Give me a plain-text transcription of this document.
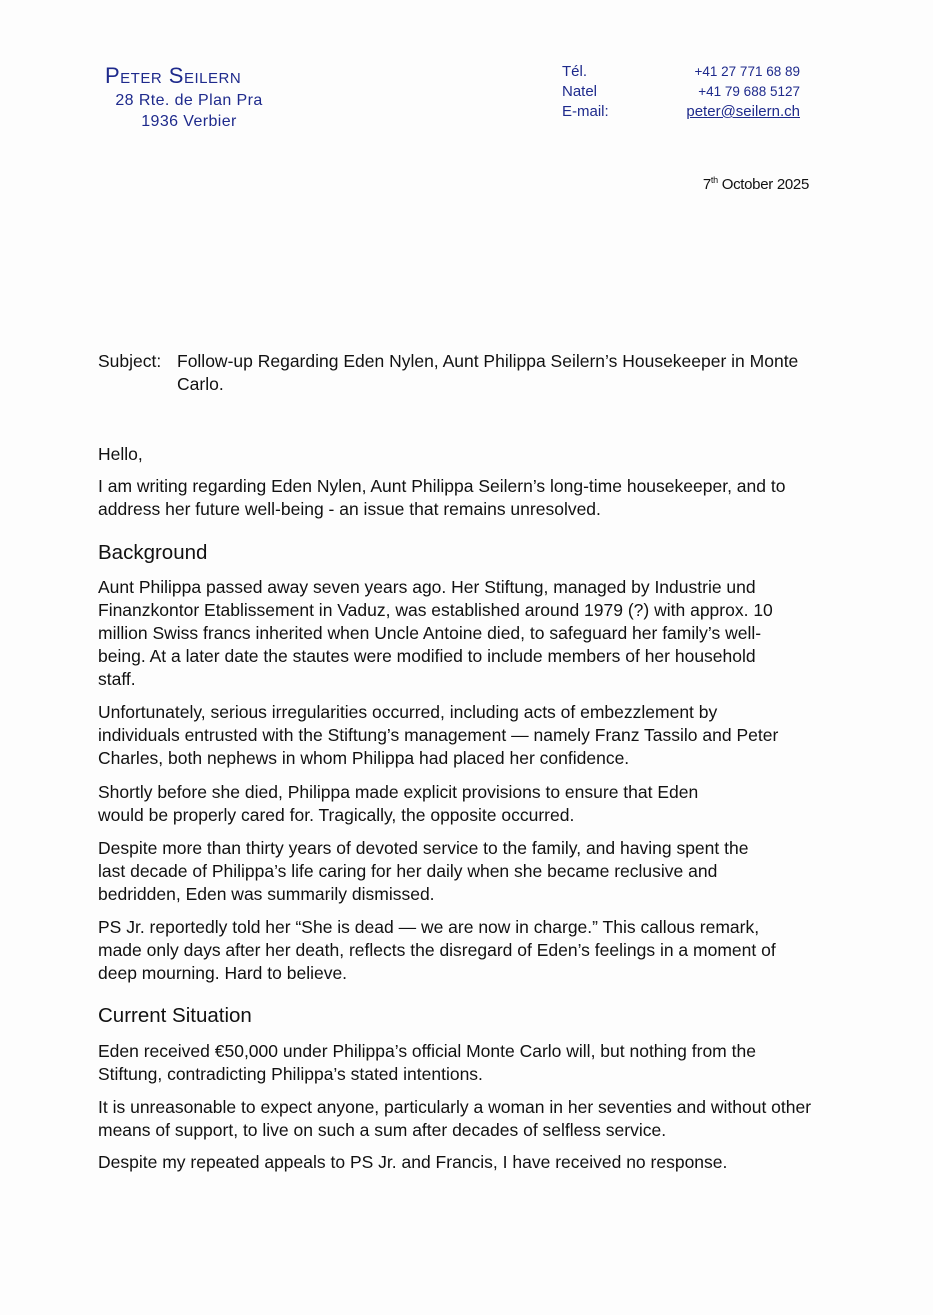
Peter Seilern
28 Rte. de Plan Pra
1936 Verbier
Tél.	+41 27 771 68 89
Natel	+41 79 688 5127
E-mail:	peter@seilern.ch
7th October 2025
Subject: Follow-up Regarding Eden Nylen, Aunt Philippa Seilern’s Housekeeper in Monte Carlo.

Hello,

I am writing regarding Eden Nylen, Aunt Philippa Seilern’s long-time housekeeper, and to address her future well-being - an issue that remains unresolved.

Background

Aunt Philippa passed away seven years ago. Her Stiftung, managed by Industrie und Finanzkontor Etablissement in Vaduz, was established around 1979 (?) with approx. 10 million Swiss francs inherited when Uncle Antoine died, to safeguard her family’s well-being. At a later date the stautes were modified to include members of her household staff.

Unfortunately, serious irregularities occurred, including acts of embezzlement by individuals entrusted with the Stiftung’s management — namely Franz Tassilo and Peter Charles, both nephews in whom Philippa had placed her confidence.

Shortly before she died, Philippa made explicit provisions to ensure that Eden would be properly cared for. Tragically, the opposite occurred.

Despite more than thirty years of devoted service to the family, and having spent the last decade of Philippa’s life caring for her daily when she became reclusive and bedridden, Eden was summarily dismissed.

PS Jr. reportedly told her “She is dead — we are now in charge.” This callous remark, made only days after her death, reflects the disregard of Eden’s feelings in a moment of deep mourning. Hard to believe.

Current Situation

Eden received €50,000 under Philippa’s official Monte Carlo will, but nothing from the Stiftung, contradicting Philippa’s stated intentions.

It is unreasonable to expect anyone, particularly a woman in her seventies and without other means of support, to live on such a sum after decades of selfless service.

Despite my repeated appeals to PS Jr. and Francis, I have received no response.
